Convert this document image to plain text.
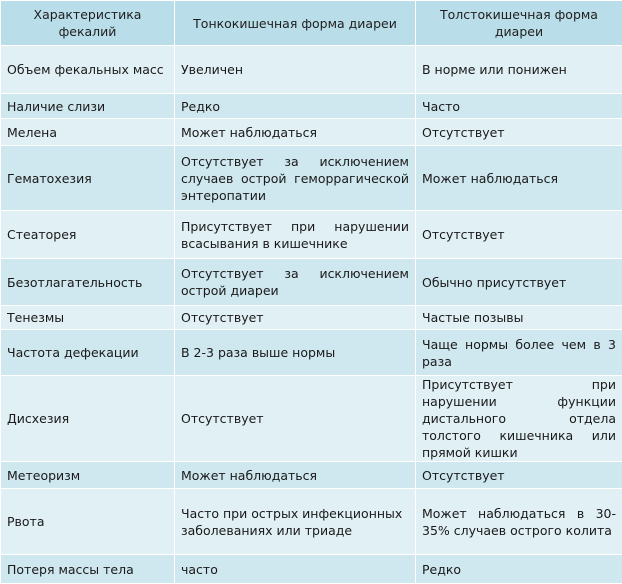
Характеристика фекалий	Тонкокишечная форма диареи	Толстокишечная форма диареи
Объем фекальных масс	Увеличен	В норме или понижен
Наличие слизи	Редко	Часто
Мелена	Может наблюдаться	Отсутствует
Гематохезия	Отсутствует за исключением случаев острой геморрагической энтеропатии	Может наблюдаться
Стеаторея	Присутствует при нарушении всасывания в кишечнике	Отсутствует
Безотлагательность	Отсутствует за исключением острой диареи	Обычно присутствует
Тенезмы	Отсутствует	Частые позывы
Частота дефекации	В 2-3 раза выше нормы	Чаще нормы более чем в 3 раза
Дисхезия	Отсутствует	Присутствует при нарушении функции дистального отдела толстого кишечника или прямой кишки
Метеоризм	Может наблюдаться	Отсутствует
Рвота	Часто при острых инфекционных заболеваниях или триаде	Может наблюдаться в 30-35% случаев острого колита
Потеря массы тела	часто	Редко
